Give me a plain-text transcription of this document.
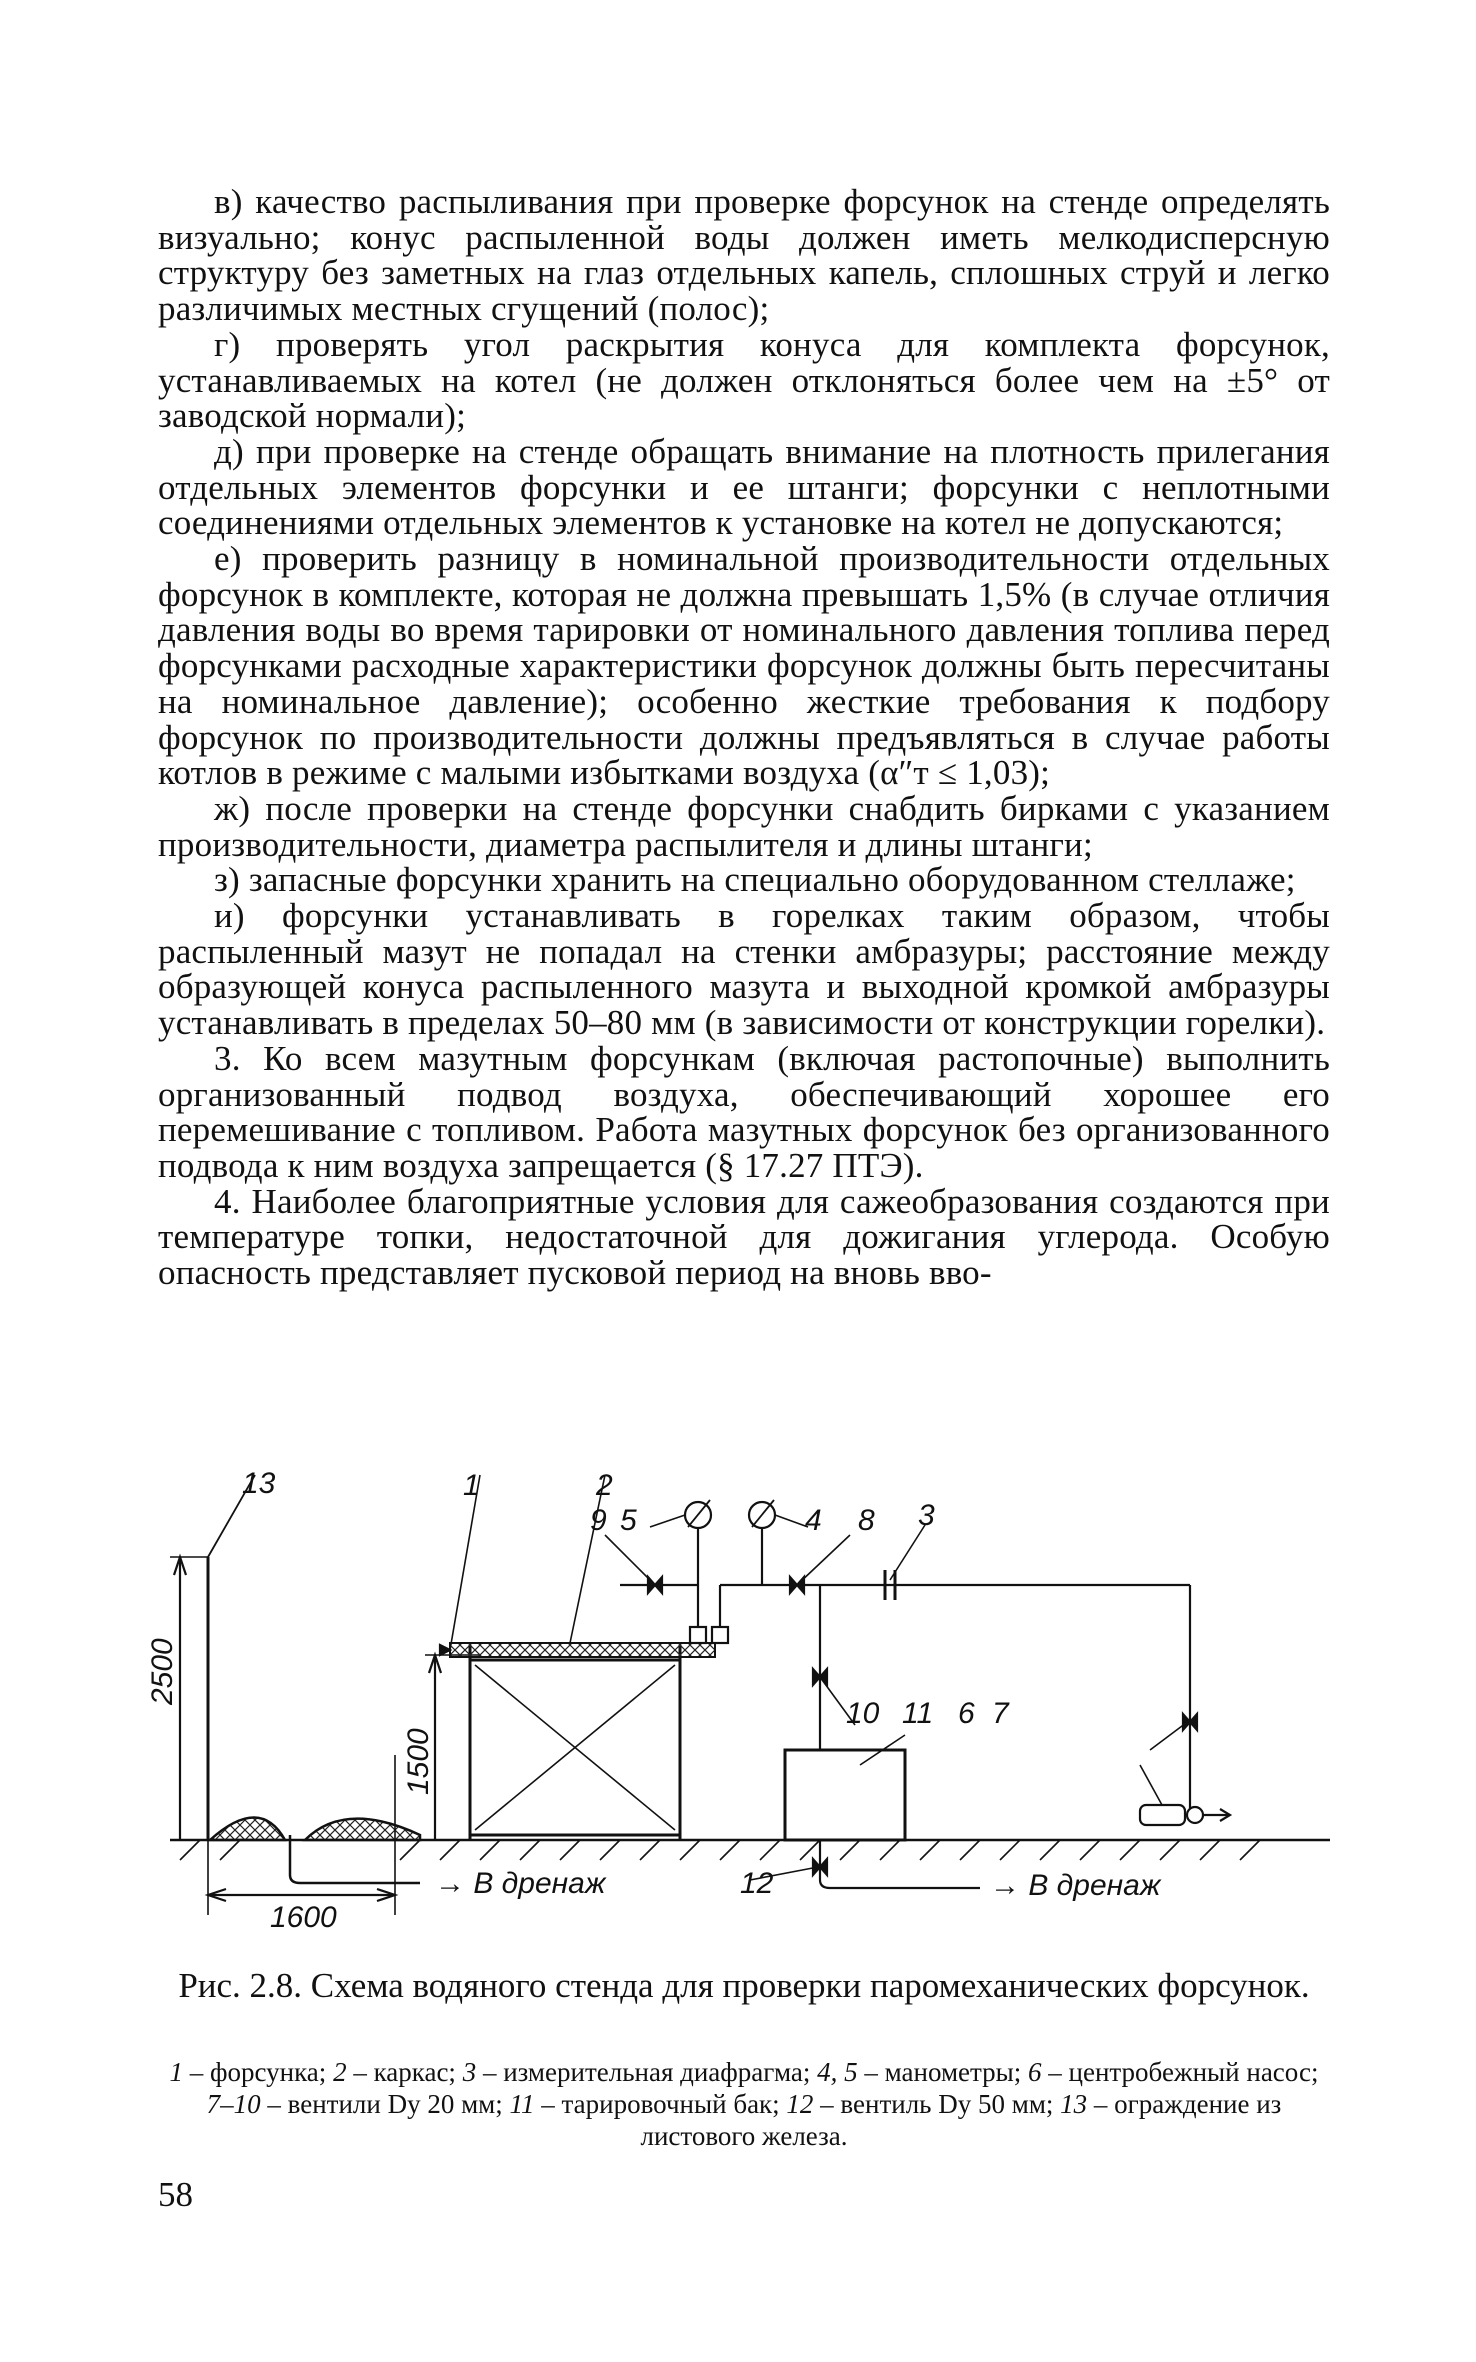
в) качество распыливания при проверке форсунок на стенде определять визуально; конус распыленной воды должен иметь мелкодисперсную структуру без заметных на глаз отдельных капель, сплошных струй и легко различимых местных сгущений (полос);

г) проверять угол раскрытия конуса для комплекта форсунок, устанавливаемых на котел (не должен отклоняться более чем на ±5° от заводской нормали);

д) при проверке на стенде обращать внимание на плотность прилегания отдельных элементов форсунки и ее штанги; форсунки с неплотными соединениями отдельных элементов к установке на котел не допускаются;

е) проверить разницу в номинальной производительности отдельных форсунок в комплекте, которая не должна превышать 1,5% (в случае отличия давления воды во время тарировки от номинального давления топлива перед форсунками расходные характеристики форсунок должны быть пересчитаны на номинальное давление); особенно жесткие требования к подбору форсунок по производительности должны предъявляться в случае работы котлов в режиме с малыми избытками воздуха (α″т ≤ 1,03);

ж) после проверки на стенде форсунки снабдить бирками с указанием производительности, диаметра распылителя и длины штанги;

з) запасные форсунки хранить на специально оборудованном стеллаже;

и) форсунки устанавливать в горелках таким образом, чтобы распыленный мазут не попадал на стенки амбразуры; расстояние между образующей конуса распыленного мазута и выходной кромкой амбразуры устанавливать в пределах 50–80 мм (в зависимости от конструкции горелки).

3. Ко всем мазутным форсункам (включая растопочные) выполнить организованный подвод воздуха, обеспечивающий хорошее его перемешивание с топливом. Работа мазутных форсунок без организованного подвода к ним воздуха запрещается (§ 17.27 ПТЭ).

4. Наиболее благоприятные условия для сажеобразования создаются при температуре топки, недостаточной для дожигания углерода. Особую опасность представляет пусковой период на вновь вво-

13	1	2
9 5	4 8 3
10 11 6 7
12
2500
1500
1600
→ В дренаж	→ В дренаж
Рис. 2.8. Схема водяного стенда для проверки паромеханических форсунок.
1 – форсунка; 2 – каркас; 3 – измерительная диафрагма; 4, 5 – манометры; 6 – центробежный насос; 7–10 – вентили Dу 20 мм; 11 – тарировочный бак; 12 – вентиль Dу 50 мм; 13 – ограждение из листового железа.
58
